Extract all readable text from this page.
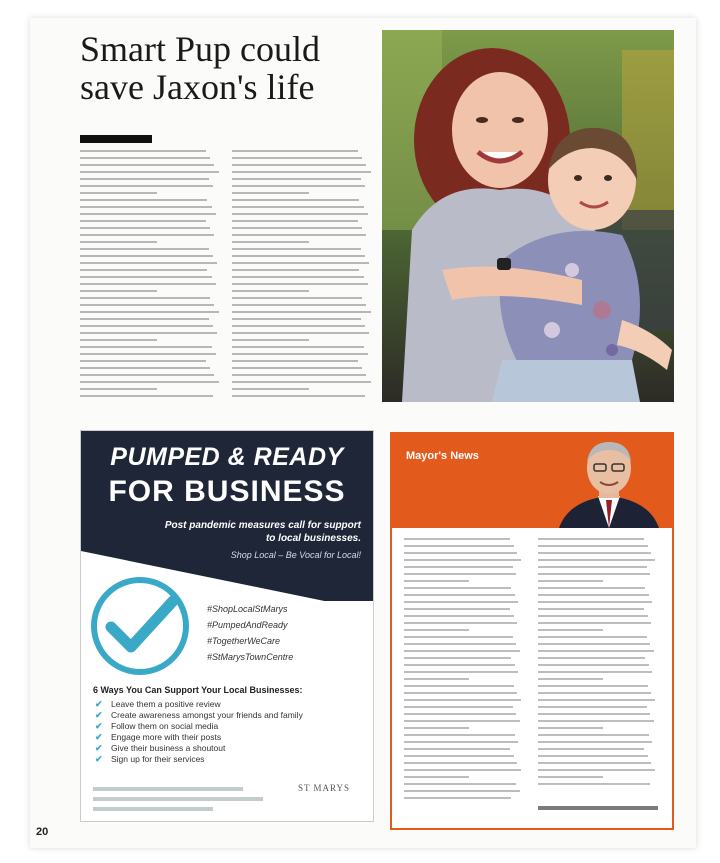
Smart Pup could save Jaxon's life
PUMPED & READY
FOR BUSINESS
Post pandemic measures call for support to local businesses.
Shop Local – Be Vocal for Local!
#ShopLocalStMarys
#PumpedAndReady
#TogetherWeCare
#StMarysTownCentre
6 Ways You Can Support Your Local Businesses:
✔ Leave them a positive review
✔ Create awareness amongst your friends and family
✔ Follow them on social media
✔ Engage more with their posts
✔ Give their business a shoutout
✔ Sign up for their services
ST MARYS
Mayor's News
20
